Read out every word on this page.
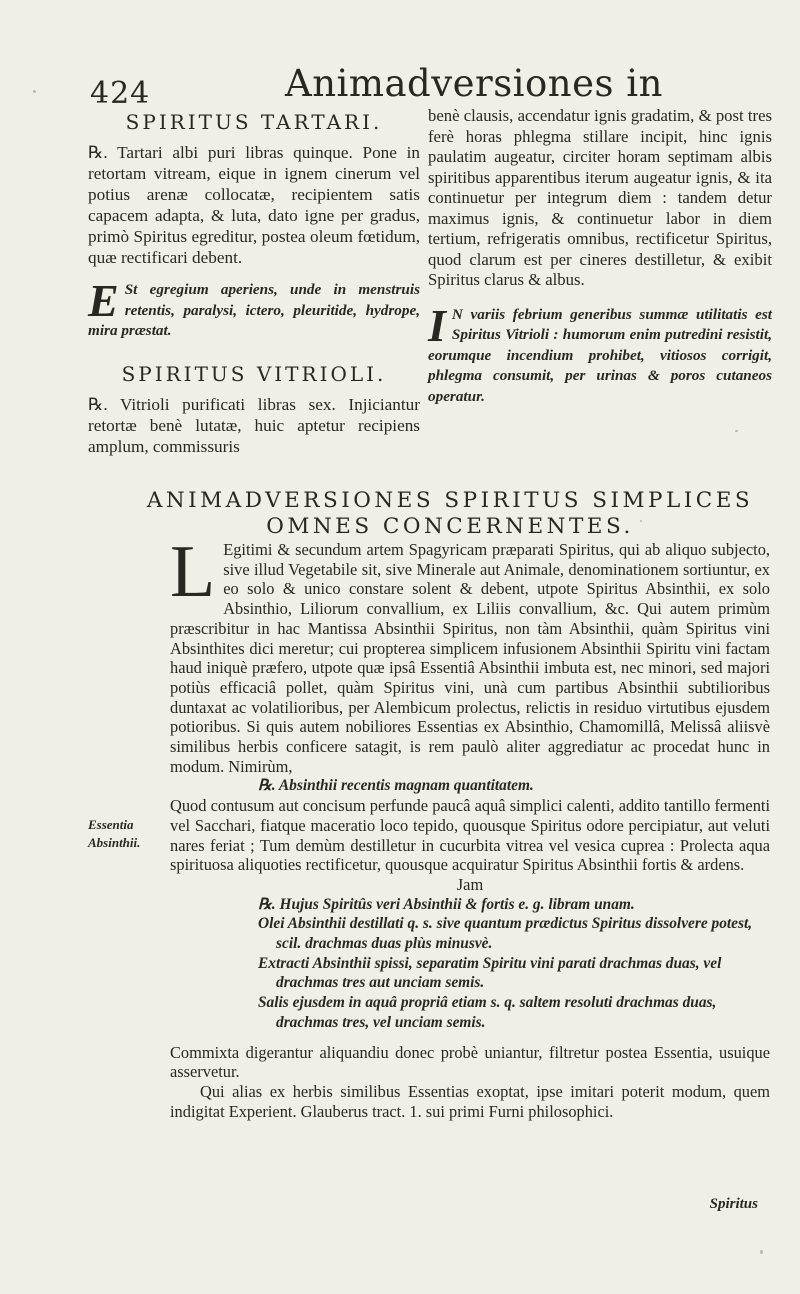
424	Animadversiones in
SPIRITUS TARTARI.

℞. Tartari albi puri libras quinque. Pone in retortam vitream, eique in ignem cinerum vel potius arenæ collocatæ, recipientem satis capacem adapta, & luta, dato igne per gradus, primò Spiritus egreditur, postea oleum fœtidum, quæ rectificari debent.

E St egregium aperiens, unde in menstruis retentis, paralysi, ictero, pleuritide, hydrope, mira præstat.

SPIRITUS VITRIOLI.

℞. Vitrioli purificati libras sex. Injiciantur retortæ benè lutatæ, huic aptetur recipiens amplum, commissuris

benè clausis, accendatur ignis gradatim, & post tres ferè horas phlegma stillare incipit, hinc ignis paulatim augeatur, circiter horam septimam albis spiritibus apparentibus iterum augeatur ignis, & ita continuetur per integrum diem : tandem detur maximus ignis, & continuetur labor in diem tertium, refrigeratis omnibus, rectificetur Spiritus, quod clarum est per cineres destilletur, & exibit Spiritus clarus & albus.

I N variis febrium generibus summæ utilitatis est Spiritus Vitrioli : humorum enim putredini resistit, eorumque incendium prohibet, vitiosos corrigit, phlegma consumit, per urinas & poros cutaneos operatur.

ANIMADVERSIONES SPIRITUS SIMPLICES
OMNES CONCERNENTES.
Essentia Absinthii.

L Egitimi & secundum artem Spagyricam præparati Spiritus, qui ab aliquo subjecto, sive illud Vegetabile sit, sive Minerale aut Animale, denominationem sortiuntur, ex eo solo & unico constare solent & debent, utpote Spiritus Absinthii, ex solo Absinthio, Liliorum convallium, ex Liliis convallium, &c. Qui autem primùm præscribitur in hac Mantissa Absinthii Spiritus, non tàm Absinthii, quàm Spiritus vini Absinthites dici meretur; cui propterea simplicem infusionem Absinthii Spiritu vini factam haud iniquè præfero, utpote quæ ipsâ Essentiâ Absinthii imbuta est, nec minori, sed majori potiùs efficaciâ pollet, quàm Spiritus vini, unà cum partibus Absinthii subtilioribus duntaxat ac volatilioribus, per Alembicum prolectus, relictis in residuo virtutibus ejusdem potioribus. Si quis autem nobiliores Essentias ex Absinthio, Chamomillâ, Melissâ aliisvè similibus herbis conficere satagit, is rem paulò aliter aggrediatur ac procedat hunc in modum. Nimirùm,

℞. Absinthii recentis magnam quantitatem.

Quod contusum aut concisum perfunde paucâ aquâ simplici calenti, addito tantillo fermenti vel Sacchari, fiatque maceratio loco tepido, quousque Spiritus odore percipiatur, aut veluti nares feriat ; Tum demùm destilletur in cucurbita vitrea vel vesica cuprea : Prolecta aqua spirituosa aliquoties rectificetur, quousque acquiratur Spiritus Absinthii fortis & ardens.

Jam

℞. Hujus Spiritûs veri Absinthii & fortis e. g. libram unam.

Olei Absinthii destillati q. s. sive quantum prædictus Spiritus dissolvere potest, scil. drachmas duas plùs minusvè.

Extracti Absinthii spissi, separatim Spiritu vini parati drachmas duas, vel drachmas tres aut unciam semis.

Salis ejusdem in aquâ propriâ etiam s. q. saltem resoluti drachmas duas, drachmas tres, vel unciam semis.

Commixta digerantur aliquandiu donec probè uniantur, filtretur postea Essentia, usuique asservetur.

Qui alias ex herbis similibus Essentias exoptat, ipse imitari poterit modum, quem indigitat Experient. Glauberus tract. 1. sui primi Furni philosophici.

Spiritus
